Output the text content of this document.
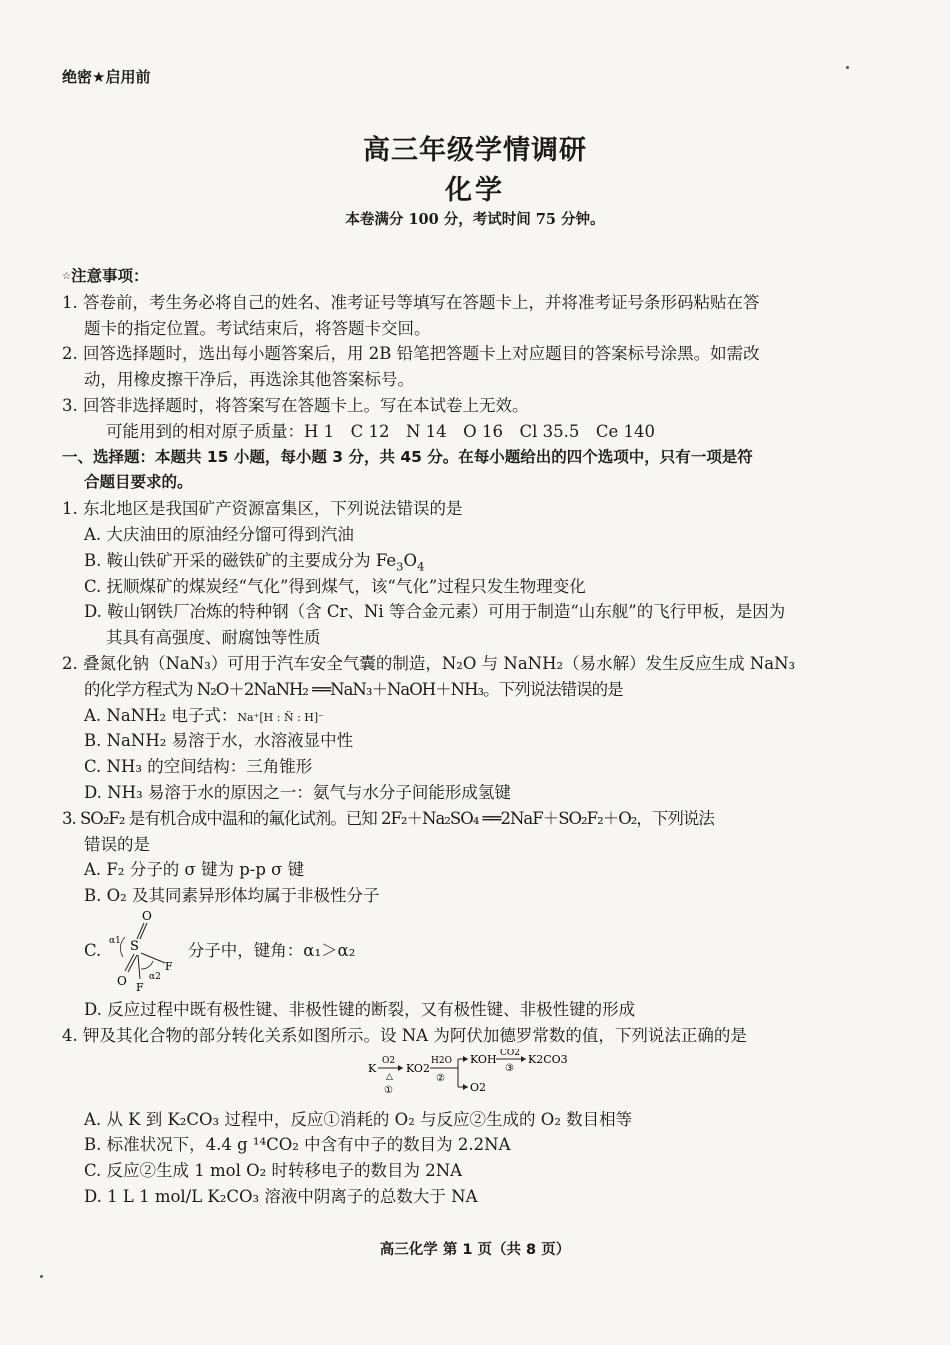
绝密★启用前
高三年级学情调研
化学
本卷满分 100 分，考试时间 75 分钟。
☆注意事项：
1. 答卷前，考生务必将自己的姓名、准考证号等填写在答题卡上，并将准考证号条形码粘贴在答
题卡的指定位置。考试结束后，将答题卡交回。
2. 回答选择题时，选出每小题答案后，用 2B 铅笔把答题卡上对应题目的答案标号涂黑。如需改
动，用橡皮擦干净后，再选涂其他答案标号。
3. 回答非选择题时，将答案写在答题卡上。写在本试卷上无效。
可能用到的相对原子质量：H 1　C 12　N 14　O 16　Cl 35.5　Ce 140
一、选择题：本题共 15 小题，每小题 3 分，共 45 分。在每小题给出的四个选项中，只有一项是符
合题目要求的。
1. 东北地区是我国矿产资源富集区，下列说法错误的是
A. 大庆油田的原油经分馏可得到汽油
B. 鞍山铁矿开采的磁铁矿的主要成分为 $Fe_3O_4$
C. 抚顺煤矿的煤炭经“气化”得到煤气，该“气化”过程只发生物理变化
D. 鞍山钢铁厂冶炼的特种钢（含 Cr、Ni 等合金元素）可用于制造“山东舰”的飞行甲板，是因为
其具有高强度、耐腐蚀等性质
2. 叠氮化钠（NaN₃）可用于汽车安全气囊的制造，N₂O 与 NaNH₂（易水解）发生反应生成 NaN₃
的化学方程式为 N₂O＋2NaNH₂ ══NaN₃＋NaOH＋NH₃。下列说法错误的是
A. NaNH₂ 电子式：Na⁺[H : N̈ : H]⁻
B. NaNH₂ 易溶于水，水溶液显中性
C. NH₃ 的空间结构：三角锥形
D. NH₃ 易溶于水的原因之一：氨气与水分子间能形成氢键
3. SO₂F₂ 是有机合成中温和的氟化试剂。已知 2F₂＋Na₂SO₄ ══2NaF＋SO₂F₂＋O₂，下列说法
错误的是
A. F₂ 分子的 σ 键为 p-p σ 键
B. O₂ 及其同素异形体均属于非极性分子
C.
O
S
O
F
F
α1
α2
分子中，键角：α₁＞α₂
D. 反应过程中既有极性键、非极性键的断裂，又有极性键、非极性键的形成
4. 钾及其化合物的部分转化关系如图所示。设 NA 为阿伏加德罗常数的值，下列说法正确的是
K
O2
△
①
KO2
H2O
②
KOH
O2
CO2
③
K2CO3
A. 从 K 到 K₂CO₃ 过程中，反应①消耗的 O₂ 与反应②生成的 O₂ 数目相等
B. 标准状况下，4.4 g ¹⁴CO₂ 中含有中子的数目为 2.2NA
C. 反应②生成 1 mol O₂ 时转移电子的数目为 2NA
D. 1 L 1 mol/L K₂CO₃ 溶液中阴离子的总数大于 NA
高三化学 第 1 页（共 8 页）
